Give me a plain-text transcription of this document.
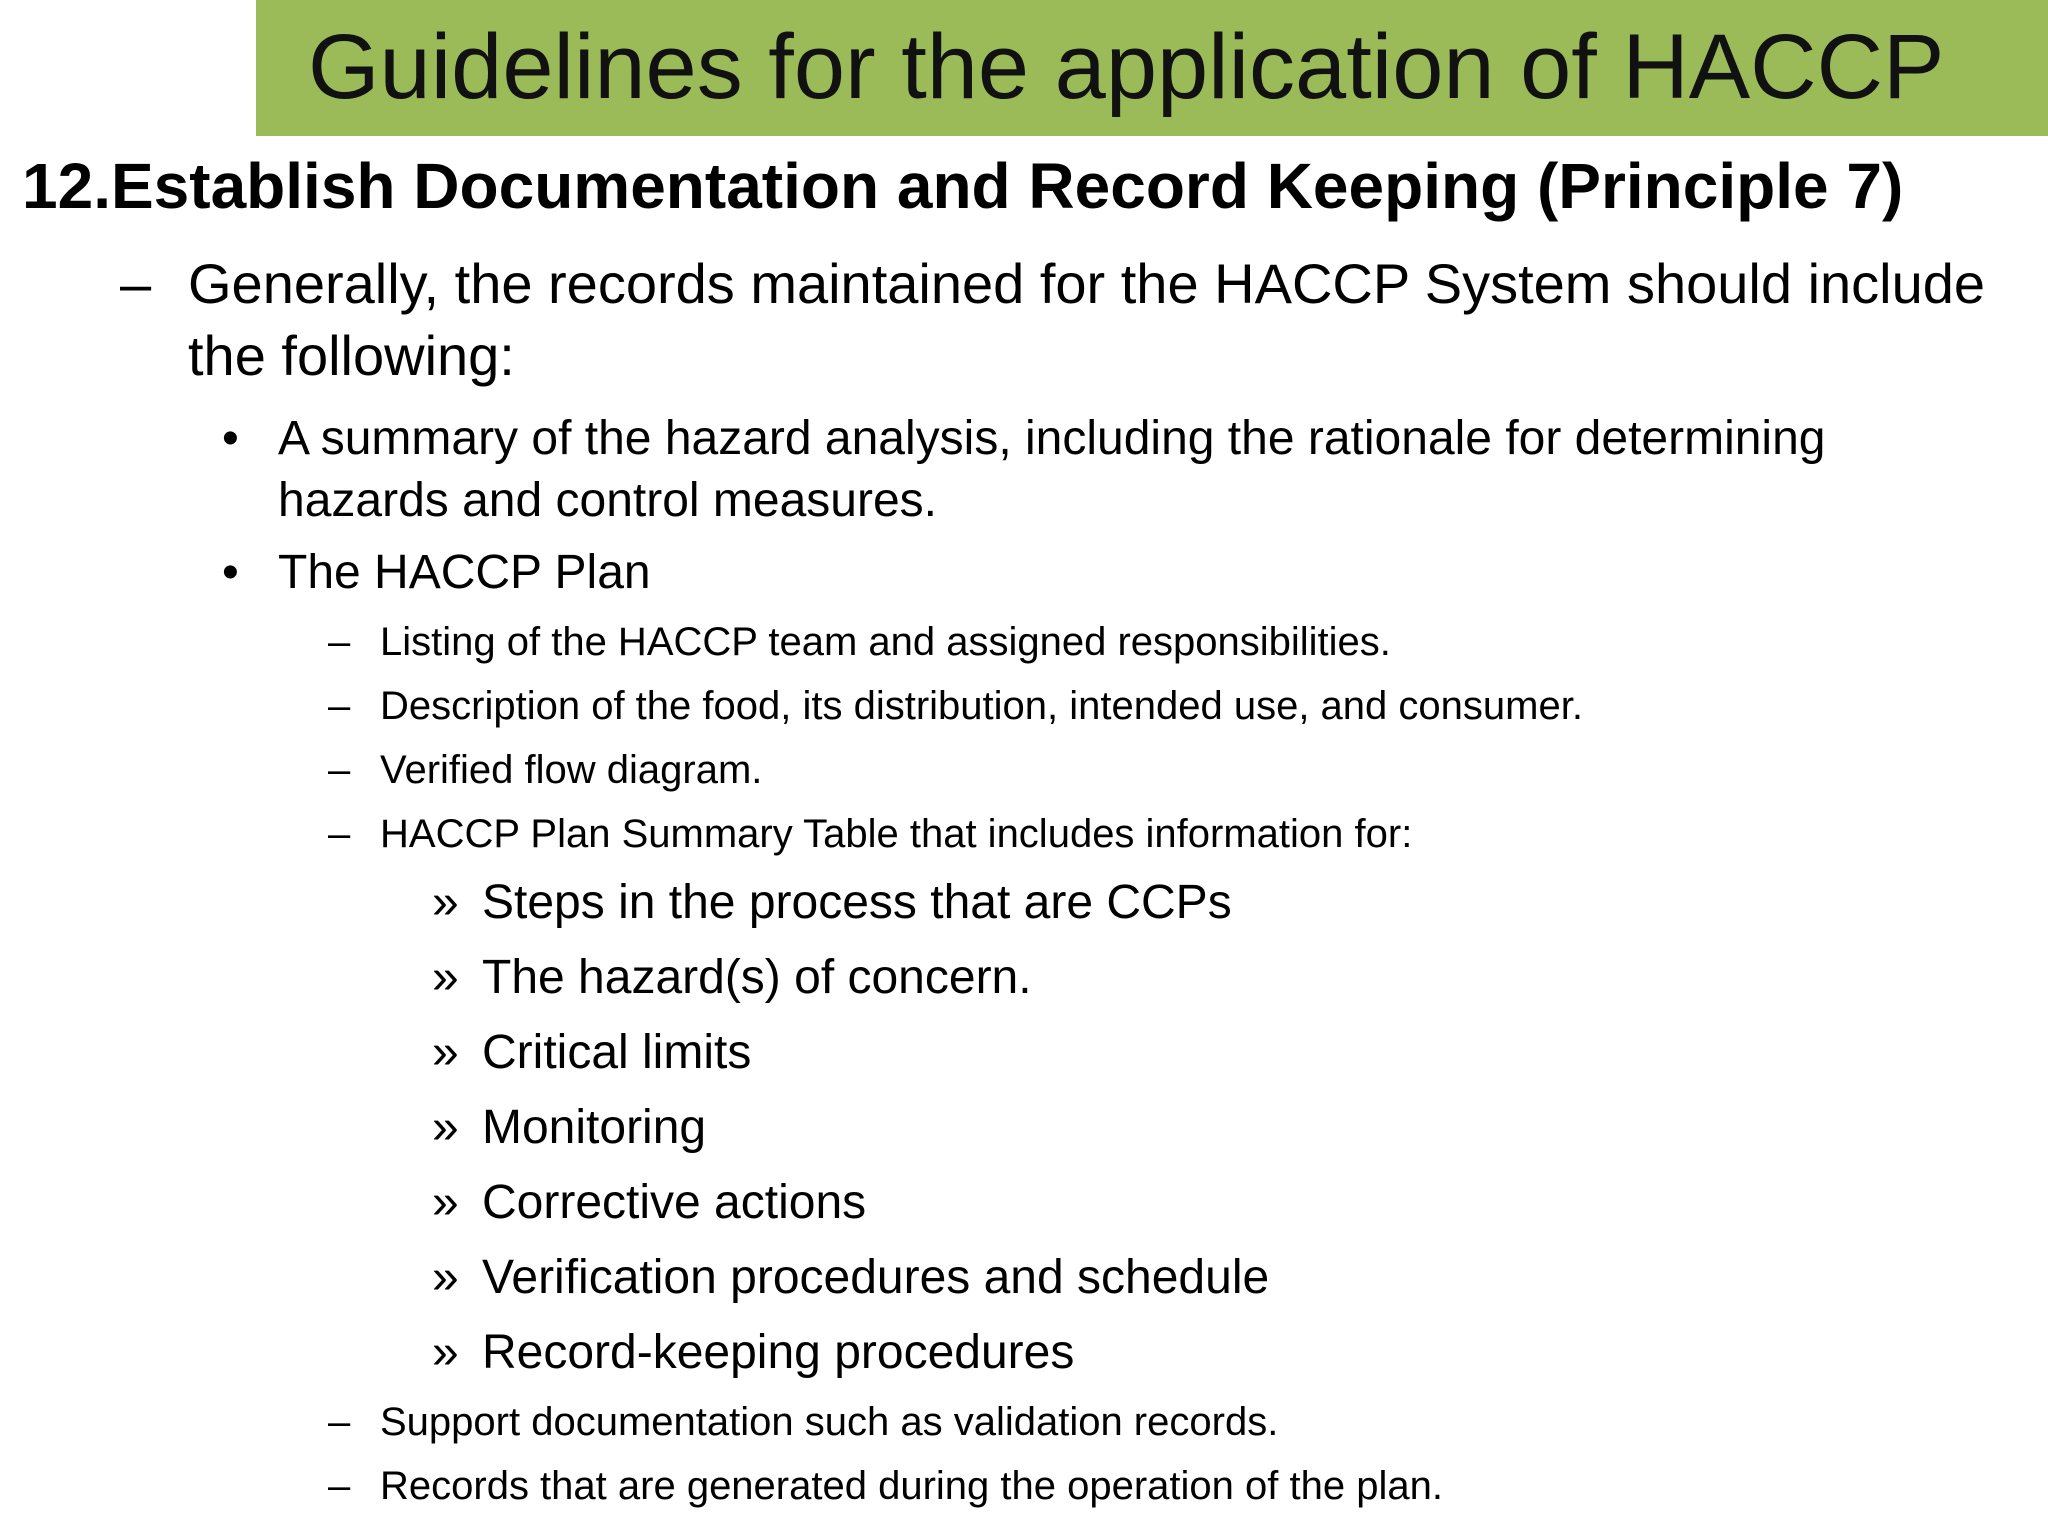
Guidelines for the application of HACCP
12.Establish Documentation and Record Keeping (Principle 7)
– Generally, the records maintained for the HACCP System should include the following:
• A summary of the hazard analysis, including the rationale for determining hazards and control measures.
• The HACCP Plan
– Listing of the HACCP team and assigned responsibilities.
– Description of the food, its distribution, intended use, and consumer.
– Verified flow diagram.
– HACCP Plan Summary Table that includes information for:
» Steps in the process that are CCPs
» The hazard(s) of concern.
» Critical limits
» Monitoring
» Corrective actions
» Verification procedures and schedule
» Record-keeping procedures
– Support documentation such as validation records.
– Records that are generated during the operation of the plan.
